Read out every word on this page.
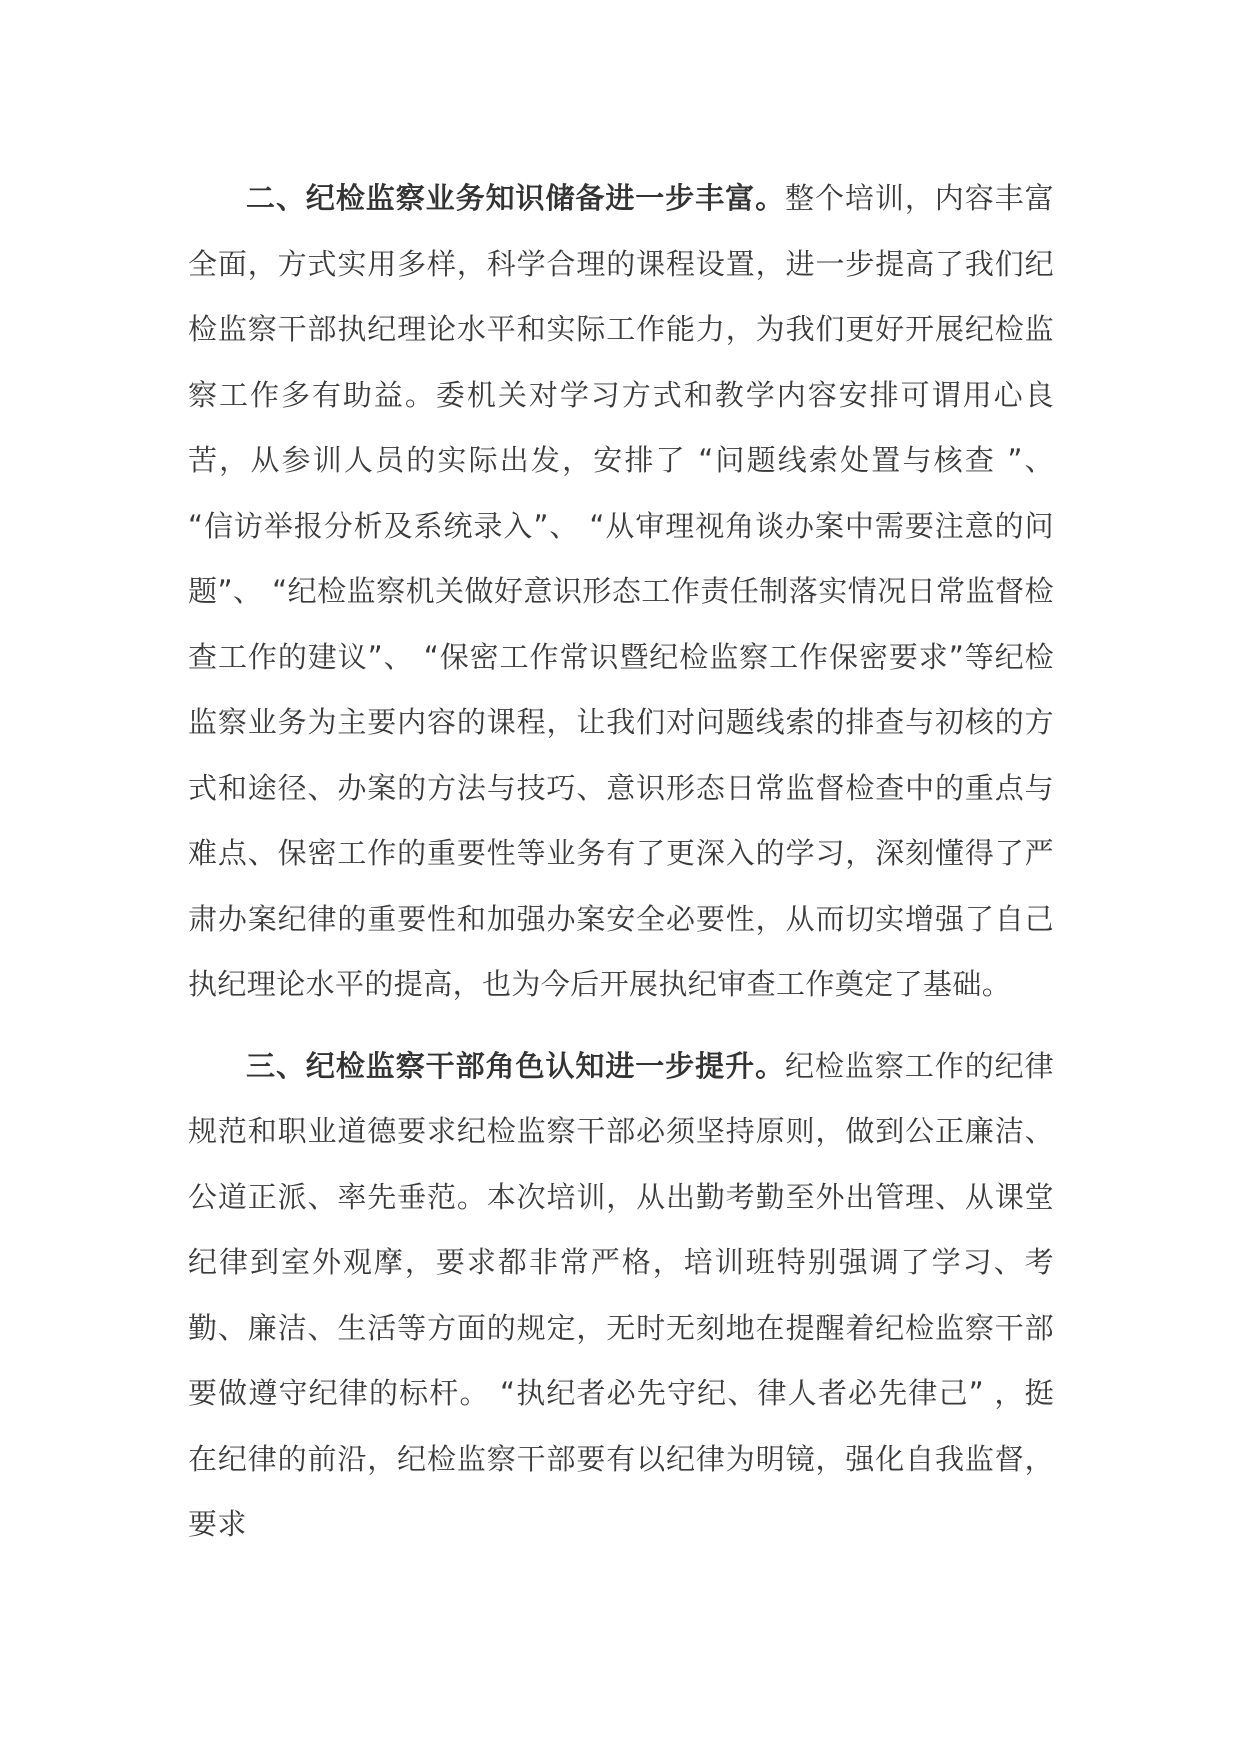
二、纪检监察业务知识储备进一步丰富。整个培训，内容丰富全面，方式实用多样，科学合理的课程设置，进一步提高了我们纪检监察干部执纪理论水平和实际工作能力，为我们更好开展纪检监察工作多有助益。委机关对学习方式和教学内容安排可谓用心良苦，从参训人员的实际出发，安排了 “问题线索处置与核查 ”、 “信访举报分析及系统录入”、 “从审理视角谈办案中需要注意的问题”、 “纪检监察机关做好意识形态工作责任制落实情况日常监督检查工作的建议”、 “保密工作常识暨纪检监察工作保密要求”等纪检监察业务为主要内容的课程，让我们对问题线索的排查与初核的方式和途径、办案的方法与技巧、意识形态日常监督检查中的重点与难点、保密工作的重要性等业务有了更深入的学习，深刻懂得了严肃办案纪律的重要性和加强办案安全必要性，从而切实增强了自己执纪理论水平的提高，也为今后开展执纪审查工作奠定了基础。

三、纪检监察干部角色认知进一步提升。纪检监察工作的纪律规范和职业道德要求纪检监察干部必须坚持原则，做到公正廉洁、公道正派、率先垂范。本次培训，从出勤考勤至外出管理、从课堂纪律到室外观摩，要求都非常严格，培训班特别强调了学习、考勤、廉洁、生活等方面的规定，无时无刻地在提醒着纪检监察干部要做遵守纪律的标杆。 “执纪者必先守纪、律人者必先律己” ，挺在纪律的前沿，纪检监察干部要有以纪律为明镜，强化自我监督，要求
